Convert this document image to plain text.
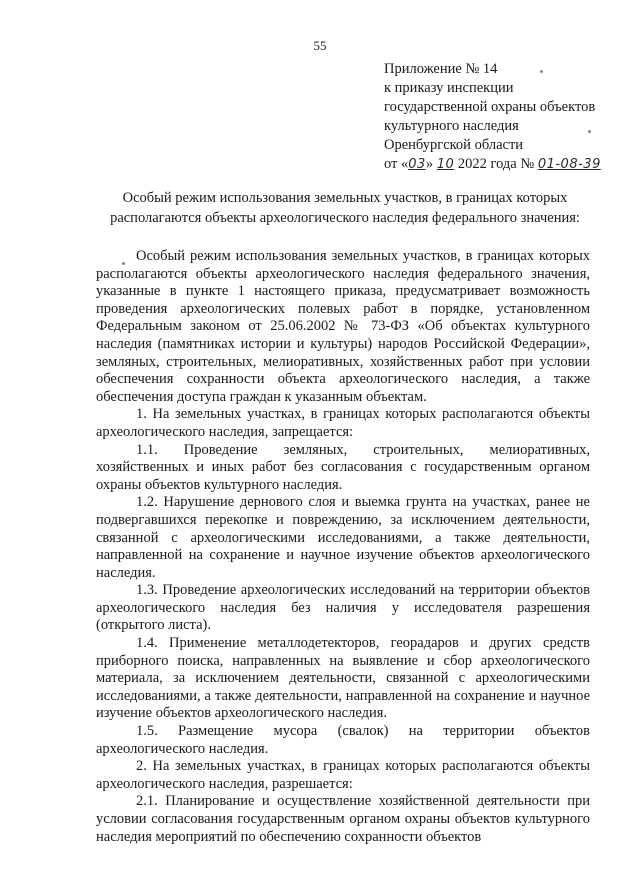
55
Приложение № 14
к приказу инспекции
государственной охраны объектов
культурного наследия
Оренбургской области
от «03» 10 2022 года № 01-08-39
Особый режим использования земельных участков, в границах которых располагаются объекты археологического наследия федерального значения:

Особый режим использования земельных участков, в границах которых располагаются объекты археологического наследия федерального значения, указанные в пункте 1 настоящего приказа, предусматривает возможность проведения археологических полевых работ в порядке, установленном Федеральным законом от 25.06.2002 № 73-ФЗ «Об объектах культурного наследия (памятниках истории и культуры) народов Российской Федерации», земляных, строительных, мелиоративных, хозяйственных работ при условии обеспечения сохранности объекта археологического наследия, а также обеспечения доступа граждан к указанным объектам.

1. На земельных участках, в границах которых располагаются объекты археологического наследия, запрещается:

1.1. Проведение земляных, строительных, мелиоративных, хозяйственных и иных работ без согласования с государственным органом охраны объектов культурного наследия.

1.2. Нарушение дернового слоя и выемка грунта на участках, ранее не подвергавшихся перекопке и повреждению, за исключением деятельности, связанной с археологическими исследованиями, а также деятельности, направленной на сохранение и научное изучение объектов археологического наследия.

1.3. Проведение археологических исследований на территории объектов археологического наследия без наличия у исследователя разрешения (открытого листа).

1.4. Применение металлодетекторов, георадаров и других средств приборного поиска, направленных на выявление и сбор археологического материала, за исключением деятельности, связанной с археологическими исследованиями, а также деятельности, направленной на сохранение и научное изучение объектов археологического наследия.

1.5. Размещение мусора (свалок) на территории объектов археологического наследия.

2. На земельных участках, в границах которых располагаются объекты археологического наследия, разрешается:

2.1. Планирование и осуществление хозяйственной деятельности при условии согласования государственным органом охраны объектов культурного наследия мероприятий по обеспечению сохранности объектов
